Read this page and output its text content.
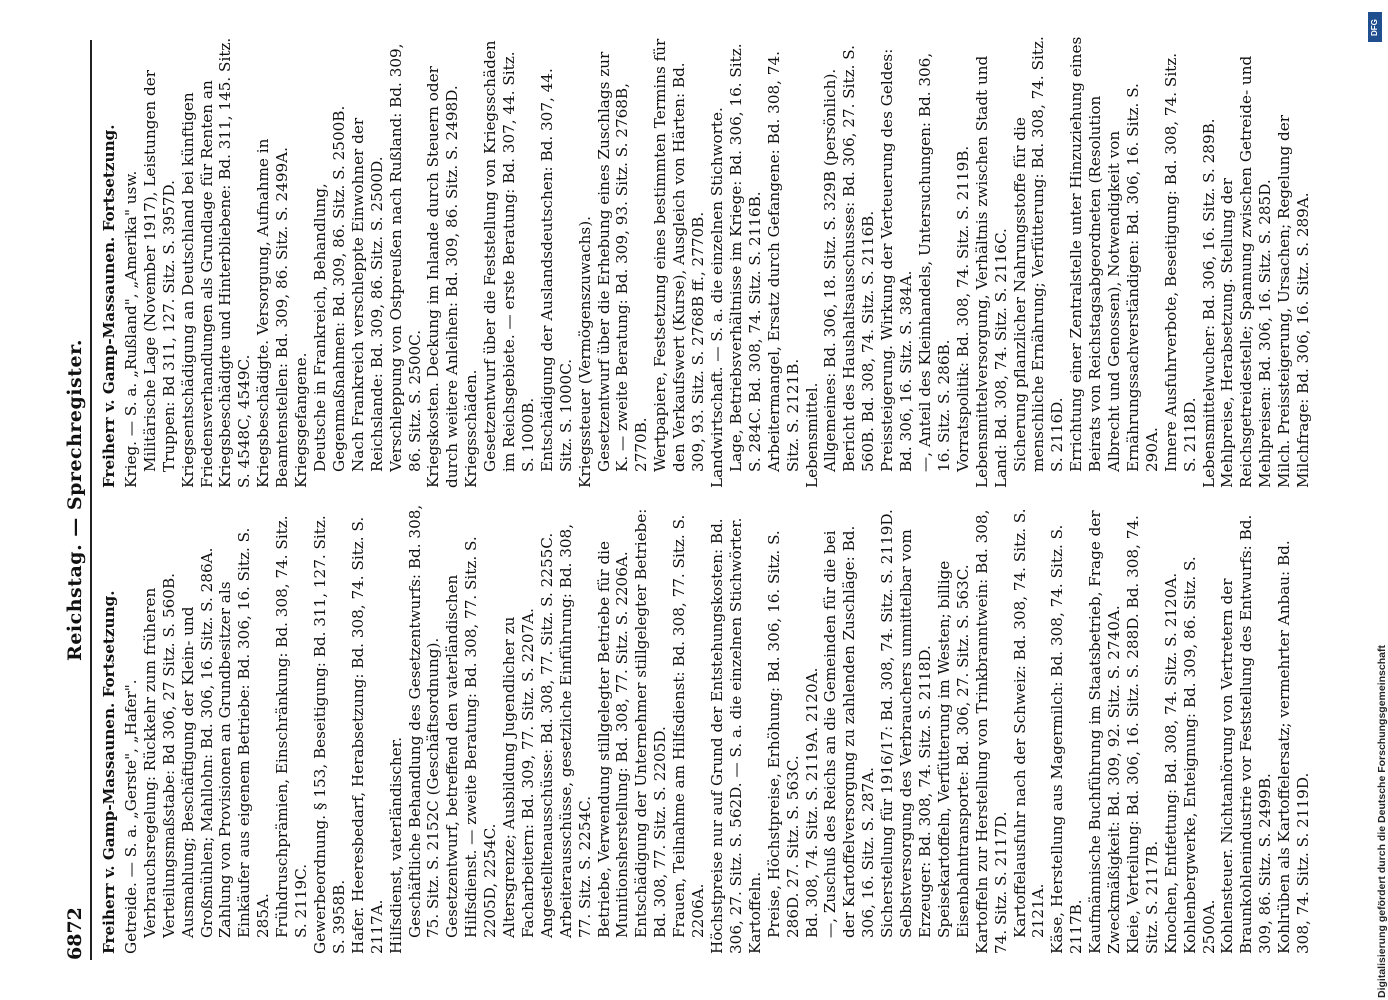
6872
Reichstag. — Sprechregister.

Freiherr v. Gamp-Massaunen. Fortsetzung. Getreide. — S. a. „Gerste", „Hafer". Verbrauchsregelung: Rückkehr zum früheren Verteilungsmaßstabe: Bd 306, 27 Sitz. S. 560B. Ausmahlung; Beschäftigung der Klein- und Großmühlen; Mahllohn: Bd. 306, 16. Sitz. S. 286A. Zahlung von Provisionen an Grundbesitzer als Einkäufer aus eigenem Betriebe: Bd. 306, 16. Sitz. S. 285A. Frühdruschprämien, Einschränkung: Bd. 308, 74. Sitz. S. 2119C. Gewerbeordnung. § 153, Beseitigung: Bd. 311, 127. Sitz. S. 3958B. Hafer. Heeresbedarf, Herabsetzung: Bd. 308, 74. Sitz. S. 2117A. Hilfsdienst, vaterländischer. Geschäftliche Behandlung des Gesetzentwurfs: Bd. 308, 75. Sitz. S. 2152C (Geschäftsordnung). Gesetzentwurf, betreffend den vaterländischen Hilfsdienst. — zweite Beratung: Bd. 308, 77. Sitz. S. 2205D, 2254C. Altersgrenze; Ausbildung Jugendlicher zu Facharbeitern: Bd. 309, 77. Sitz. S. 2207A. Angestelltenausschüsse: Bd. 308, 77. Sitz. S. 2255C. Arbeiterausschüsse, gesetzliche Einführung: Bd. 308, 77. Sitz. S. 2254C. Betriebe, Verwendung stillgelegter Betriebe für die Munitionsherstellung: Bd. 308, 77. Sitz. S. 2206A. Entschädigung der Unternehmer stillgelegter Betriebe: Bd. 308, 77. Sitz. S. 2205D. Frauen, Teilnahme am Hilfsdienst: Bd. 308, 77. Sitz. S. 2206A. Höchstpreise nur auf Grund der Entstehungskosten: Bd. 306, 27. Sitz. S. 562D. — S. a. die einzelnen Stichwörter. Kartoffeln. Preise, Höchstpreise, Erhöhung: Bd. 306, 16. Sitz. S. 286D. 27. Sitz. S. 563C. Bd. 308, 74. Sitz. S. 2119A. 2120A. —, Zuschuß des Reichs an die Gemeinden für die bei der Kartoffelversorgung zu zahlenden Zuschläge: Bd. 306, 16. Sitz. S. 287A. Sicherstellung für 1916/17: Bd. 308, 74. Sitz. S. 2119D. Selbstversorgung des Verbrauchers unmittelbar vom Erzeuger: Bd. 308, 74. Sitz. S. 2118D. Speisekartoffeln, Verfütterung im Westen; billige Eisenbahntransporte: Bd. 306, 27. Sitz. S. 563C. Kartoffeln zur Herstellung von Trinkbranntwein: Bd. 308, 74. Sitz. S. 2117D. Kartoffelausfuhr nach der Schweiz: Bd. 308, 74. Sitz. S. 2121A. Käse, Herstellung aus Magermilch: Bd. 308, 74. Sitz. S. 2117B. Kaufmännische Buchführung im Staatsbetrieb, Frage der Zweckmäßigkeit: Bd. 309, 92. Sitz. S. 2740A. Kleie, Verteilung: Bd. 306, 16. Sitz. S. 288D. Bd. 308, 74. Sitz. S. 2117B. Knochen, Entfettung: Bd. 308, 74. Sitz. S. 2120A. Kohlenbergwerke, Enteignung: Bd. 309, 86. Sitz. S. 2500A. Kohlensteuer. Nichtanhörung von Vertretern der Braunkohlenindustrie vor Feststellung des Entwurfs: Bd. 309, 86. Sitz. S. 2499B. Kohlrüben als Kartoffelersatz; vermehrter Anbau: Bd. 308, 74. Sitz. S. 2119D.

Freiherr v. Gamp-Massaunen. Fortsetzung. Krieg. — S. a. „Rußland", „Amerika" usw. Militärische Lage (November 1917), Leistungen der Truppen: Bd 311, 127. Sitz. S. 3957D. Kriegsentschädigung an Deutschland bei künftigen Friedensverhandlungen als Grundlage für Renten an Kriegsbeschädigte und Hinterbliebene: Bd. 311, 145. Sitz. S. 4548C, 4549C. Kriegsbeschädigte. Versorgung, Aufnahme in Beamtenstellen: Bd. 309, 86. Sitz. S. 2499A. Kriegsgefangene. Deutsche in Frankreich, Behandlung, Gegenmaßnahmen: Bd. 309, 86. Sitz. S. 2500B. Nach Frankreich verschleppte Einwohner der Reichslande: Bd. 309, 86. Sitz. S. 2500D. Verschleppung von Ostpreußen nach Rußland: Bd. 309, 86. Sitz. S. 2500C. Kriegskosten. Deckung im Inlande durch Steuern oder durch weitere Anleihen: Bd. 309, 86. Sitz. S. 2498D. Kriegsschäden. Gesetzentwurf über die Feststellung von Kriegsschäden im Reichsgebiete. — erste Beratung: Bd. 307, 44. Sitz. S. 1000B. Entschädigung der Auslandsdeutschen: Bd. 307, 44. Sitz. S. 1000C. Kriegssteuer (Vermögenszuwachs). Gesetzentwurf über die Erhebung eines Zuschlags zur K. — zweite Beratung: Bd. 309, 93. Sitz. S. 2768B, 2770B. Wertpapiere, Festsetzung eines bestimmten Termins für den Verkaufswert (Kurse), Ausgleich von Härten: Bd. 309, 93. Sitz. S. 2768B ff., 2770B. Landwirtschaft. — S. a. die einzelnen Stichworte. Lage, Betriebsverhältnisse im Kriege: Bd. 306, 16. Sitz. S. 284C. Bd. 308, 74. Sitz. S. 2116B. Arbeitermangel, Ersatz durch Gefangene: Bd. 308, 74. Sitz. S. 2121B. Lebensmittel. Allgemeines: Bd. 306, 18. Sitz. S. 329B (persönlich). Bericht des Haushaltsausschusses: Bd. 306, 27. Sitz. S. 560B. Bd. 308, 74. Sitz. S. 2116B. Preissteigerung. Wirkung der Verteuerung des Geldes: Bd. 306, 16. Sitz. S. 384A. —, Anteil des Kleinhandels, Untersuchungen: Bd. 306, 16. Sitz. S. 286B. Vorratspolitik: Bd. 308, 74. Sitz. S. 2119B. Lebensmittelversorgung, Verhältnis zwischen Stadt und Land: Bd. 308, 74. Sitz. S. 2116C. Sicherung pflanzlicher Nahrungsstoffe für die menschliche Ernährung; Verfütterung: Bd. 308, 74. Sitz. S. 2116D. Errichtung einer Zentralstelle unter Hinzuziehung eines Beirats von Reichstagsabgeordneten (Resolution Albrecht und Genossen), Notwendigkeit von Ernährungssachverständigen: Bd. 306, 16. Sitz. S. 290A. Innere Ausfuhrverbote, Beseitigung: Bd. 308, 74. Sitz. S. 2118D. Lebensmittelwucher: Bd. 306, 16. Sitz. S. 289B. Mehlpreise, Herabsetzung. Stellung der Reichsgetreidestelle; Spannung zwischen Getreide- und Mehlpreisen: Bd. 306, 16. Sitz. S. 285D. Milch. Preissteigerung, Ursachen; Regelung der Milchfrage: Bd. 306, 16. Sitz. S. 289A.

DFG
Digitalisierung gefördert durch die Deutsche Forschungsgemeinschaft
